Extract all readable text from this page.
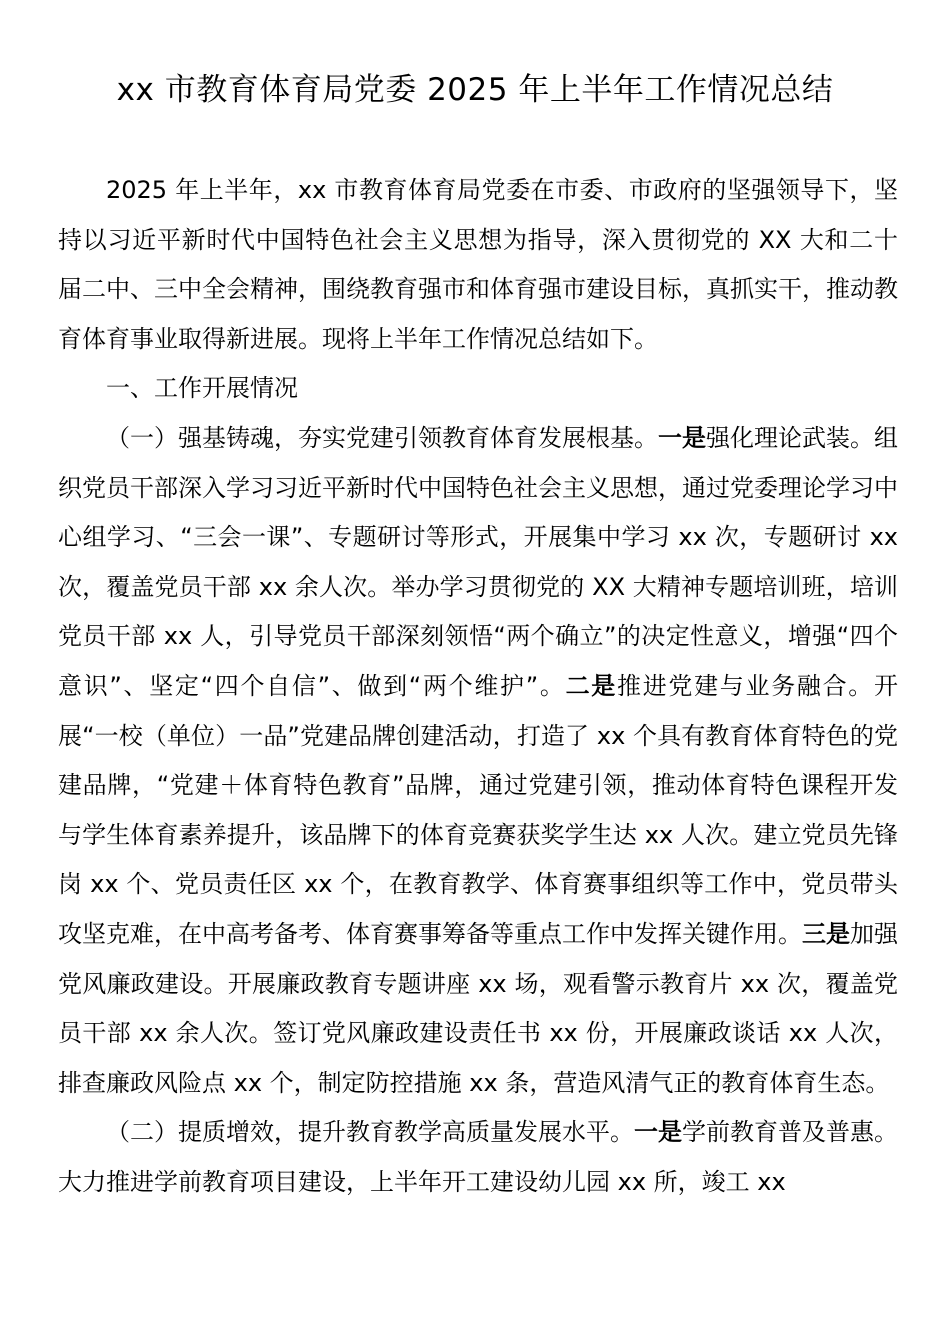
xx 市教育体育局党委 2025 年上半年工作情况总结

2025 年上半年，xx 市教育体育局党委在市委、市政府的坚强领导下，坚持以习近平新时代中国特色社会主义思想为指导，深入贯彻党的 XX 大和二十届二中、三中全会精神，围绕教育强市和体育强市建设目标，真抓实干，推动教育体育事业取得新进展。现将上半年工作情况总结如下。

一、工作开展情况

（一）强基铸魂，夯实党建引领教育体育发展根基。一是强化理论武装。组织党员干部深入学习习近平新时代中国特色社会主义思想，通过党委理论学习中心组学习、“三会一课”、专题研讨等形式，开展集中学习 xx 次，专题研讨 xx 次，覆盖党员干部 xx 余人次。举办学习贯彻党的 XX 大精神专题培训班，培训党员干部 xx 人，引导党员干部深刻领悟“两个确立”的决定性意义，增强“四个意识”、坚定“四个自信”、做到“两个维护”。二是推进党建与业务融合。开展“一校（单位）一品”党建品牌创建活动，打造了 xx 个具有教育体育特色的党建品牌，“党建＋体育特色教育”品牌，通过党建引领，推动体育特色课程开发与学生体育素养提升，该品牌下的体育竞赛获奖学生达 xx 人次。建立党员先锋岗 xx 个、党员责任区 xx 个，在教育教学、体育赛事组织等工作中，党员带头攻坚克难，在中高考备考、体育赛事筹备等重点工作中发挥关键作用。三是加强党风廉政建设。开展廉政教育专题讲座 xx 场，观看警示教育片 xx 次，覆盖党员干部 xx 余人次。签订党风廉政建设责任书 xx 份，开展廉政谈话 xx 人次，排查廉政风险点 xx 个，制定防控措施 xx 条，营造风清气正的教育体育生态。

（二）提质增效，提升教育教学高质量发展水平。一是学前教育普及普惠。大力推进学前教育项目建设，上半年开工建设幼儿园 xx 所，竣工 xx
